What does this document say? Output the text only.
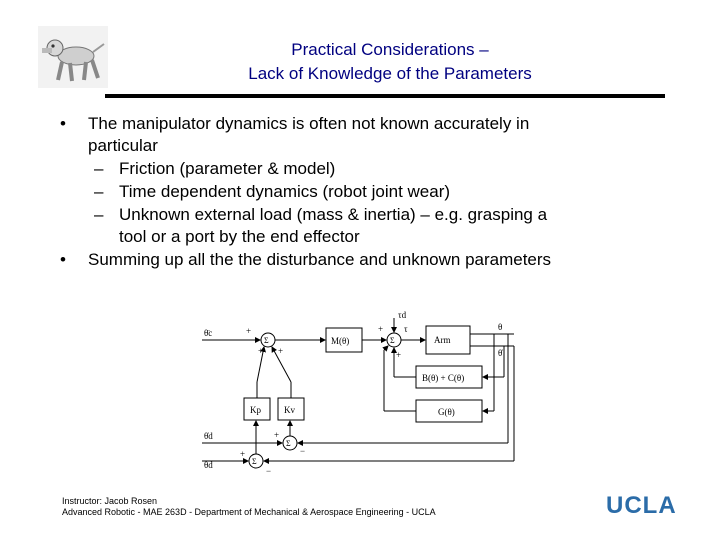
Practical Considerations –
Lack of Knowledge of the Parameters
• The manipulator dynamics is often not known accurately in
particular
– Friction (parameter & model)
– Time dependent dynamics (robot joint wear)
– Unknown external load (mass & inertia) – e.g. grasping a
tool or a port by the end effector
• Summing up all the the disturbance and unknown parameters
θ̈c
Σ	Σ
Σ
Σ
M(θ)	Arm
B(θ) + C(θ)
G(θ)
Kp	Kv
τd
τ	θ
θ̇
θ̇d
θd
+ +
+	+
+
+
−
+
−
Instructor: Jacob Rosen
Advanced Robotic - MAE 263D - Department of Mechanical & Aerospace Engineering - UCLA	UCLA
